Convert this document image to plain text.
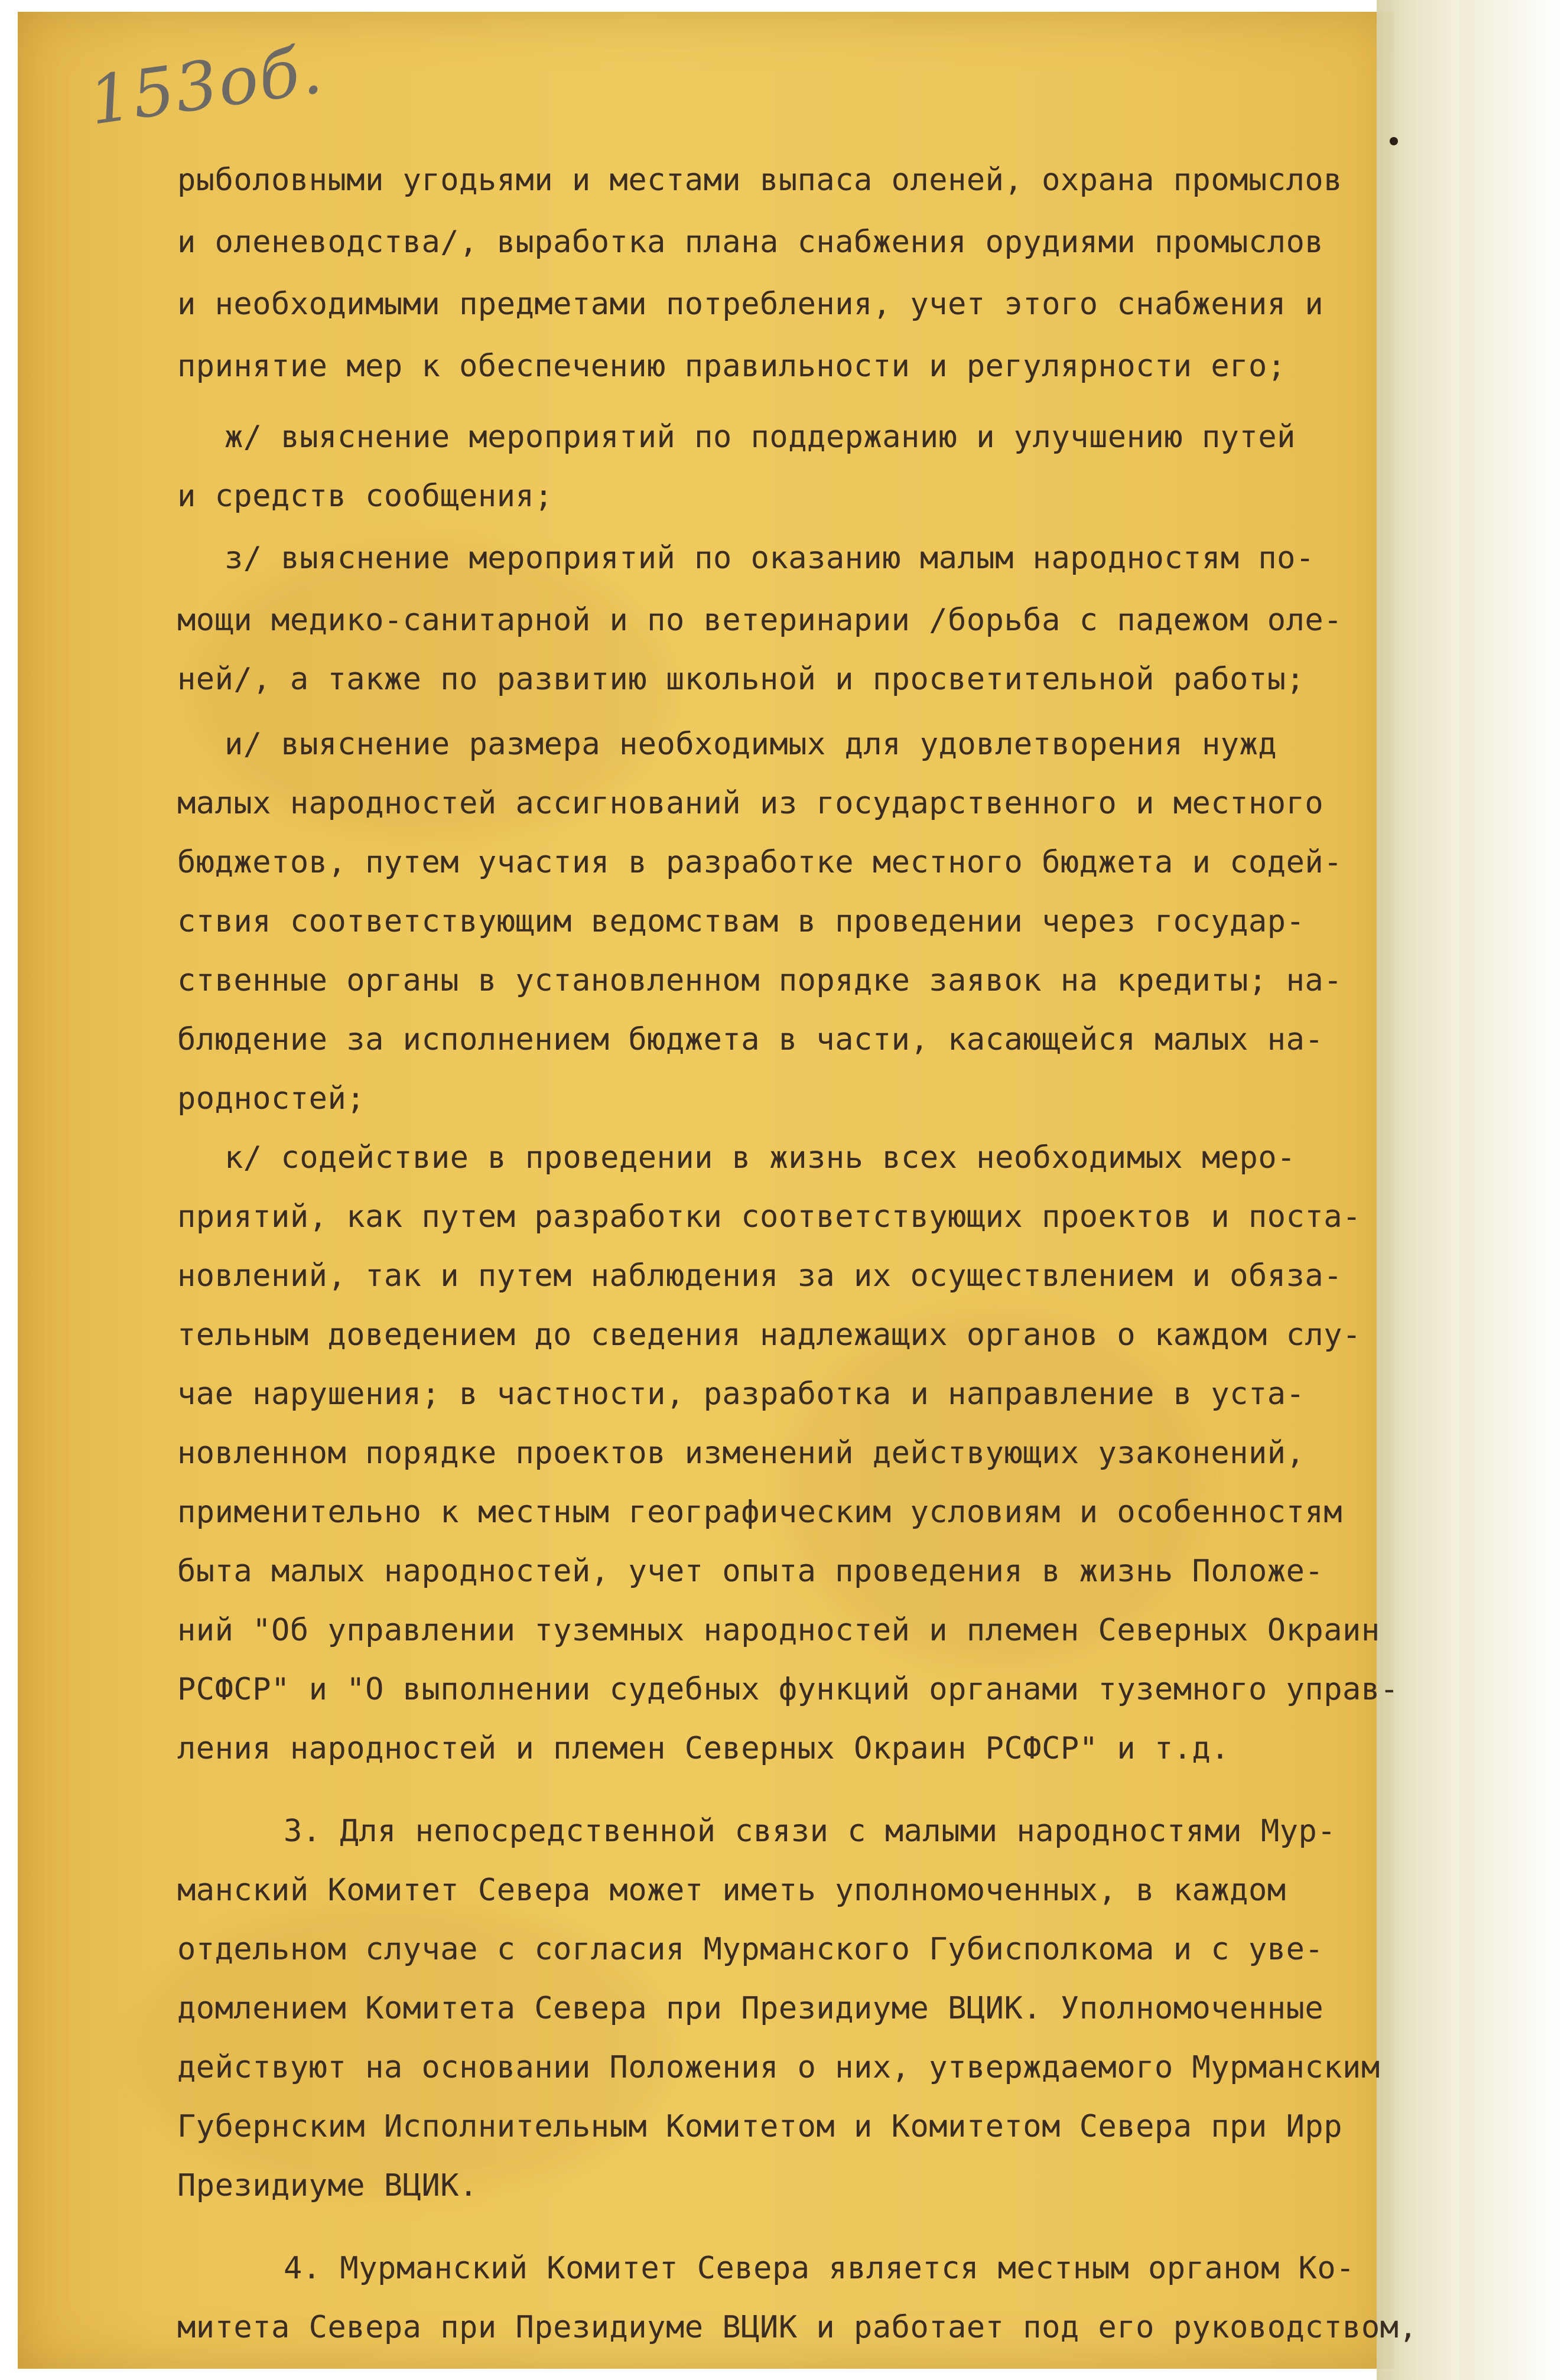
153об.
рыболовными угодьями и местами выпаса оленей, охрана промыслов
и оленеводства/, выработка плана снабжения орудиями промыслов
и необходимыми предметами потребления, учет этого снабжения и
принятие мер к обеспечению правильности и регулярности его;
ж/ выяснение мероприятий по поддержанию и улучшению путей
и средств сообщения;
з/ выяснение мероприятий по оказанию малым народностям по-
мощи медико-санитарной и по ветеринарии /борьба с падежом оле-
ней/, а также по развитию школьной и просветительной работы;
и/ выяснение размера необходимых для удовлетворения нужд
малых народностей ассигнований из государственного и местного
бюджетов, путем участия в разработке местного бюджета и содей-
ствия соответствующим ведомствам в проведении через государ-
ственные органы в установленном порядке заявок на кредиты; на-
блюдение за исполнением бюджета в части, касающейся малых на-
родностей;
к/ содействие в проведении в жизнь всех необходимых меро-
приятий, как путем разработки соответствующих проектов и поста-
новлений, так и путем наблюдения за их осуществлением и обяза-
тельным доведением до сведения надлежащих органов о каждом слу-
чае нарушения; в частности, разработка и направление в уста-
новленном порядке проектов изменений действующих узаконений,
применительно к местным географическим условиям и особенностям
быта малых народностей, учет опыта проведения в жизнь Положе-
ний "Об управлении туземных народностей и племен Северных Окраин
РСФСР" и "О выполнении судебных функций органами туземного управ-
ления народностей и племен Северных Окраин РСФСР" и т.д.
3. Для непосредственной связи с малыми народностями Мур-
манский Комитет Севера может иметь уполномоченных, в каждом
отдельном случае с согласия Мурманского Губисполкома и с уве-
домлением Комитета Севера при Президиуме ВЦИК. Уполномоченные
действуют на основании Положения о них, утверждаемого Мурманским
Губернским Исполнительным Комитетом и Комитетом Севера при Ирр
Президиуме ВЦИК.
4. Мурманский Комитет Севера является местным органом Ко-
митета Севера при Президиуме ВЦИК и работает под его руководством,
